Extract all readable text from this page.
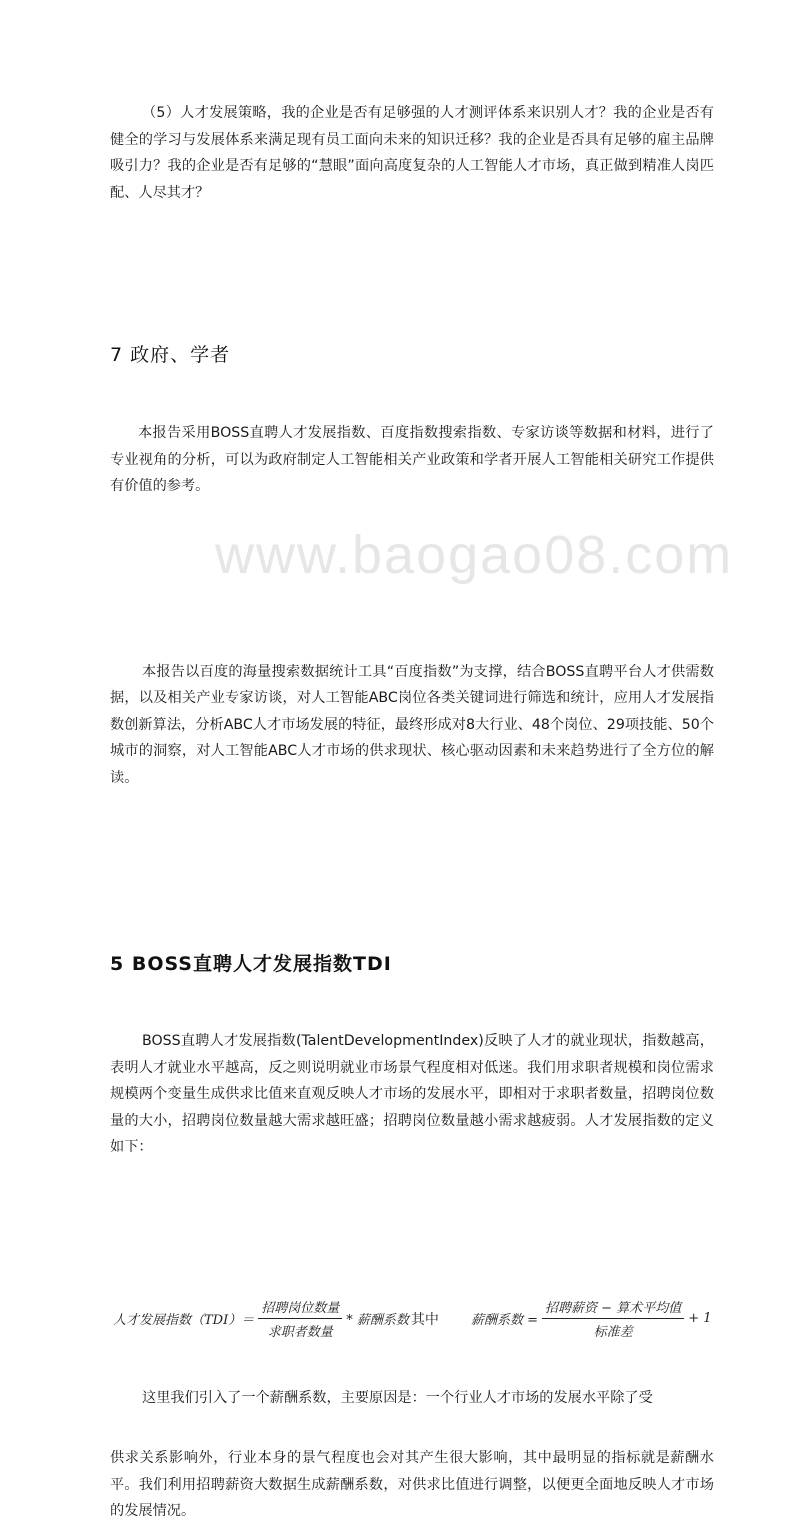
www.baogao08.com

（5）人才发展策略，我的企业是否有足够强的人才测评体系来识别人才？我的企业是否有健全的学习与发展体系来满足现有员工面向未来的知识迁移？我的企业是否具有足够的雇主品牌吸引力？我的企业是否有足够的“慧眼”面向高度复杂的人工智能人才市场，真正做到精准人岗匹配、人尽其才？

7 政府、学者

本报告采用BOSS直聘人才发展指数、百度指数搜索指数、专家访谈等数据和材料，进行了专业视角的分析，可以为政府制定人工智能相关产业政策和学者开展人工智能相关研究工作提供有价值的参考。

本报告以百度的海量搜索数据统计工具“百度指数”为支撑，结合BOSS直聘平台人才供需数据，以及相关产业专家访谈，对人工智能ABC岗位各类关键词进行筛选和统计，应用人才发展指数创新算法，分析ABC人才市场发展的特征，最终形成对8大行业、48个岗位、29项技能、50个城市的洞察，对人工智能ABC人才市场的供求现状、核心驱动因素和未来趋势进行了全方位的解读。

5 BOSS直聘人才发展指数TDI

BOSS直聘人才发展指数(TalentDevelopmentIndex)反映了人才的就业现状，指数越高，表明人才就业水平越高，反之则说明就业市场景气程度相对低迷。我们用求职者规模和岗位需求规模两个变量生成供求比值来直观反映人才市场的发展水平，即相对于求职者数量，招聘岗位数量的大小，招聘岗位数量越大需求越旺盛；招聘岗位数量越小需求越疲弱。人才发展指数的定义如下：

人才发展指数$(TDI)= \frac{\text{招聘岗位数量}}{\text{求职者数量}}$ * 薪酬系数 其中 薪酬系数 = $\frac{\text{招聘薪资 − 算术平均值}}{\text{标准差}} + 1$

这里我们引入了一个薪酬系数，主要原因是：一个行业人才市场的发展水平除了受

供求关系影响外，行业本身的景气程度也会对其产生很大影响，其中最明显的指标就是薪酬水平。我们利用招聘薪资大数据生成薪酬系数，对供求比值进行调整，以便更全面地反映人才市场的发展情况。
